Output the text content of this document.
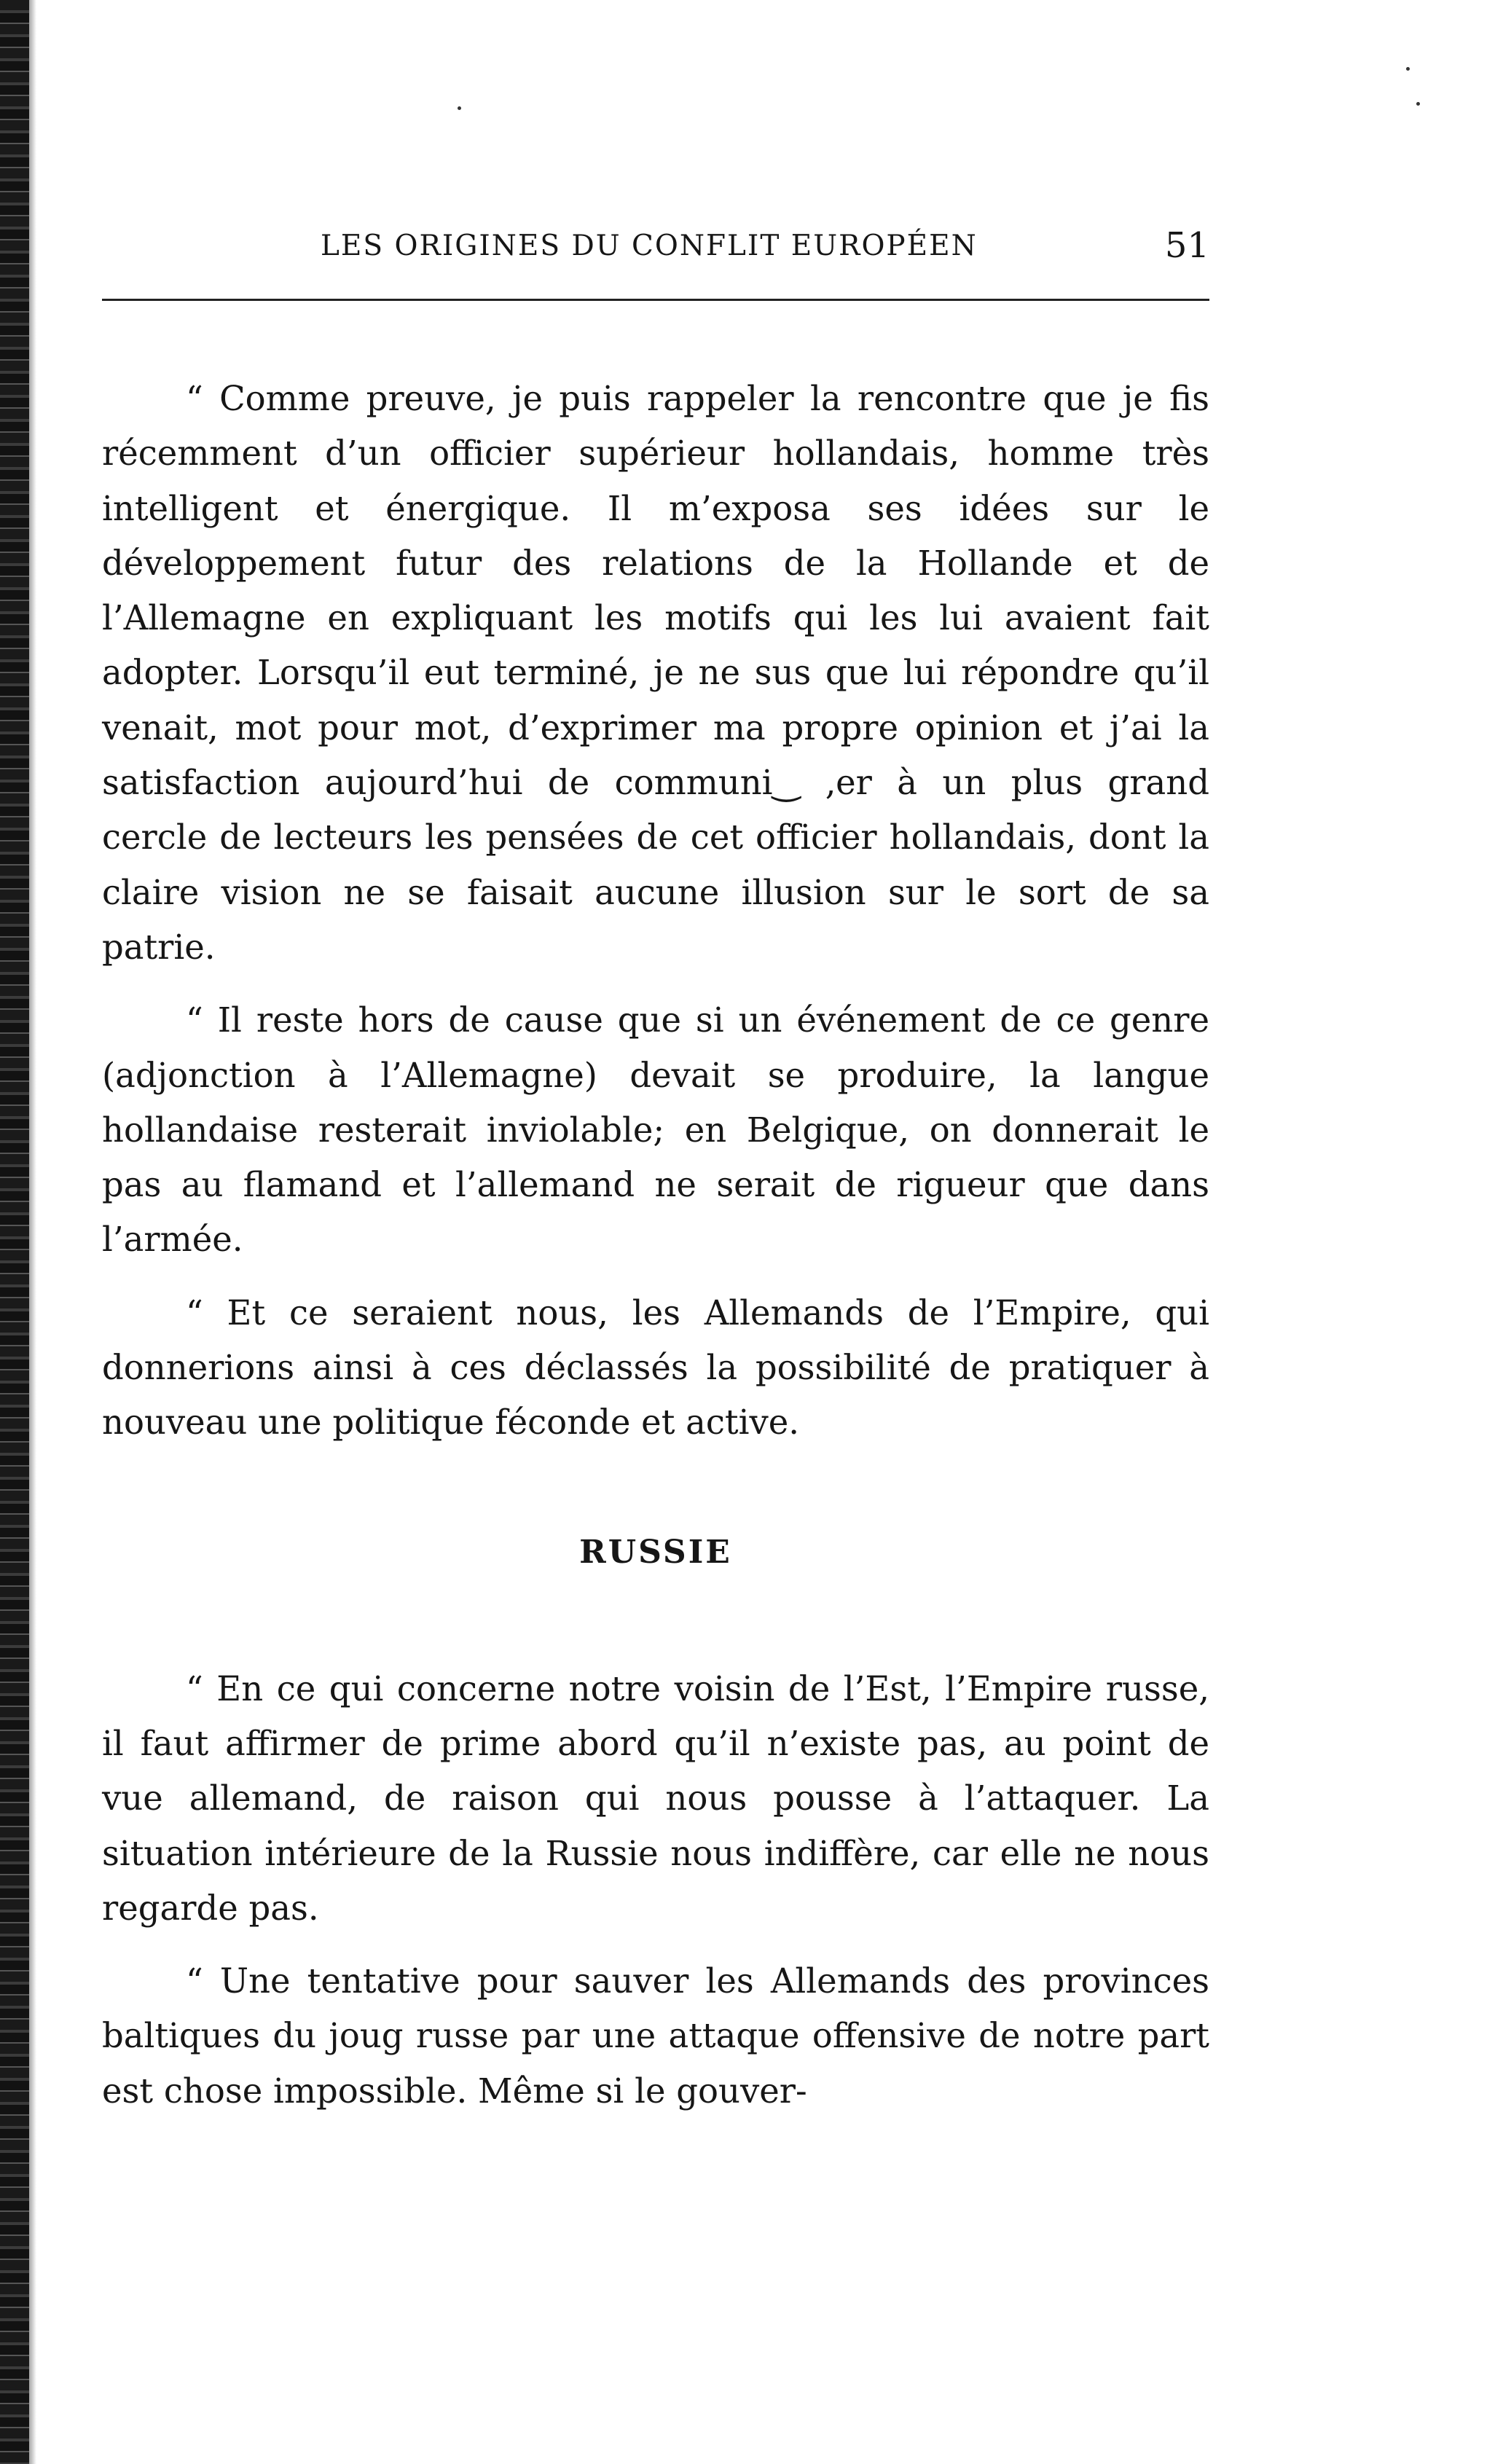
LES ORIGINES DU CONFLIT EUROPÉEN	51

“ Comme preuve, je puis rappeler la rencontre que je fis récemment d’un officier supérieur hollandais, homme très intelligent et énergique. Il m’exposa ses idées sur le développement futur des relations de la Hollande et de l’Allemagne en expliquant les motifs qui les lui avaient fait adopter. Lorsqu’il eut terminé, je ne sus que lui répondre qu’il venait, mot pour mot, d’exprimer ma propre opinion et j’ai la satisfaction aujourd’hui de communi‿ ‚er à un plus grand cercle de lecteurs les pensées de cet officier hollandais, dont la claire vision ne se faisait aucune illusion sur le sort de sa patrie.

“ Il reste hors de cause que si un événement de ce genre (adjonction à l’Allemagne) devait se produire, la langue hollandaise resterait inviolable; en Belgique, on donnerait le pas au flamand et l’allemand ne serait de rigueur que dans l’armée.

“ Et ce seraient nous, les Allemands de l’Empire, qui donnerions ainsi à ces déclassés la possibilité de pratiquer à nouveau une politique féconde et active.

RUSSIE

“ En ce qui concerne notre voisin de l’Est, l’Empire russe, il faut affirmer de prime abord qu’il n’existe pas, au point de vue allemand, de raison qui nous pousse à l’attaquer. La situation intérieure de la Russie nous indiffère, car elle ne nous regarde pas.

“ Une tentative pour sauver les Allemands des provinces baltiques du joug russe par une attaque offensive de notre part est chose impossible. Même si le gouver-
